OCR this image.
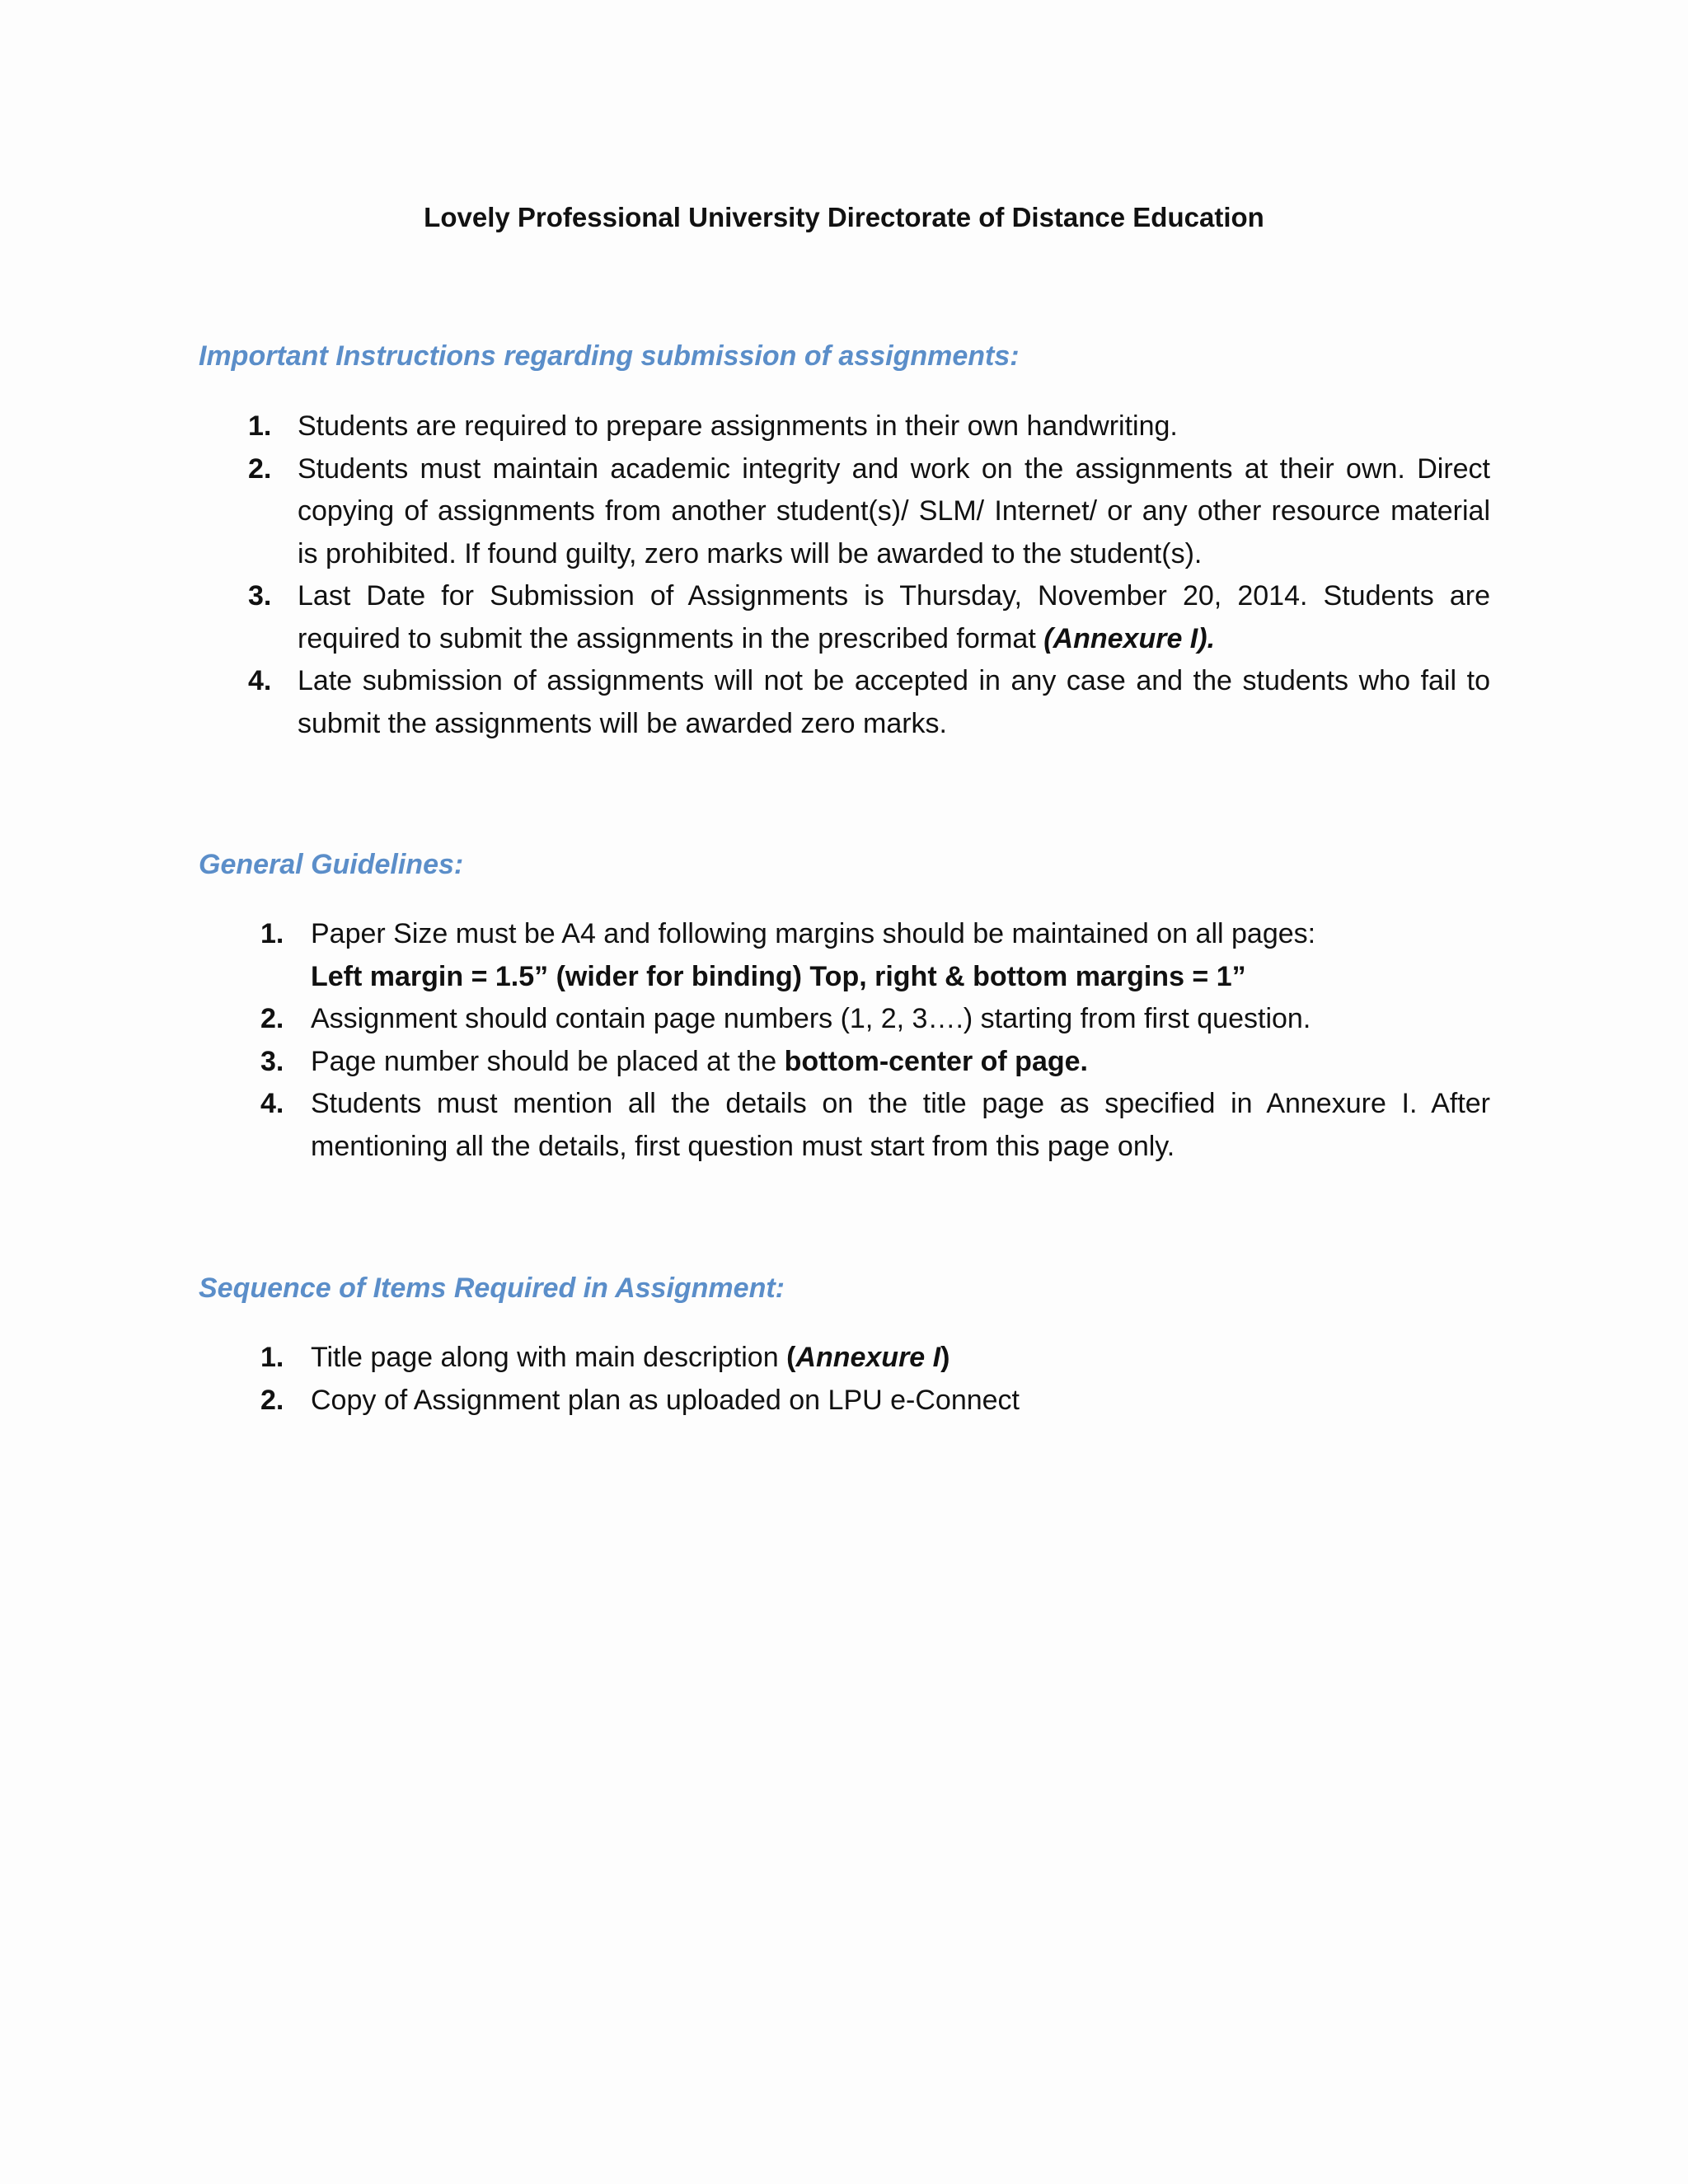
Lovely Professional University Directorate of Distance Education
Important Instructions regarding submission of assignments:
1. Students are required to prepare assignments in their own handwriting.
2. Students must maintain academic integrity and work on the assignments at their own. Direct copying of assignments from another student(s)/ SLM/ Internet/ or any other resource material is prohibited. If found guilty, zero marks will be awarded to the student(s).
3. Last Date for Submission of Assignments is Thursday, November 20, 2014. Students are required to submit the assignments in the prescribed format (Annexure I).
4. Late submission of assignments will not be accepted in any case and the students who fail to submit the assignments will be awarded zero marks.
General Guidelines:
1. Paper Size must be A4 and following margins should be maintained on all pages:
Left margin = 1.5” (wider for binding) Top, right & bottom margins = 1”
2. Assignment should contain page numbers (1, 2, 3….) starting from first question.
3. Page number should be placed at the bottom-center of page.
4. Students must mention all the details on the title page as specified in Annexure I. After mentioning all the details, first question must start from this page only.
Sequence of Items Required in Assignment:
1. Title page along with main description (Annexure I)
2. Copy of Assignment plan as uploaded on LPU e-Connect
